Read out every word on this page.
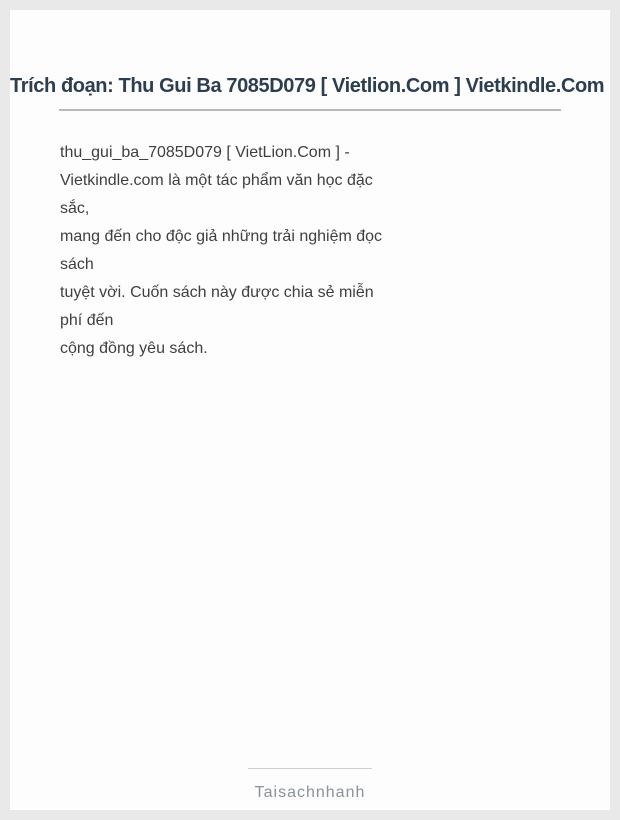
Trích đoạn: Thu Gui Ba 7085D079 [ Vietlion.Com ] Vietkindle.Com
thu_gui_ba_7085D079 [ VietLion.Com ] -
Vietkindle.com là một tác phẩm văn học đặc
sắc,
mang đến cho độc giả những trải nghiệm đọc
sách
tuyệt vời. Cuốn sách này được chia sẻ miễn
phí đến
cộng đồng yêu sách.
Taisachnhanh
